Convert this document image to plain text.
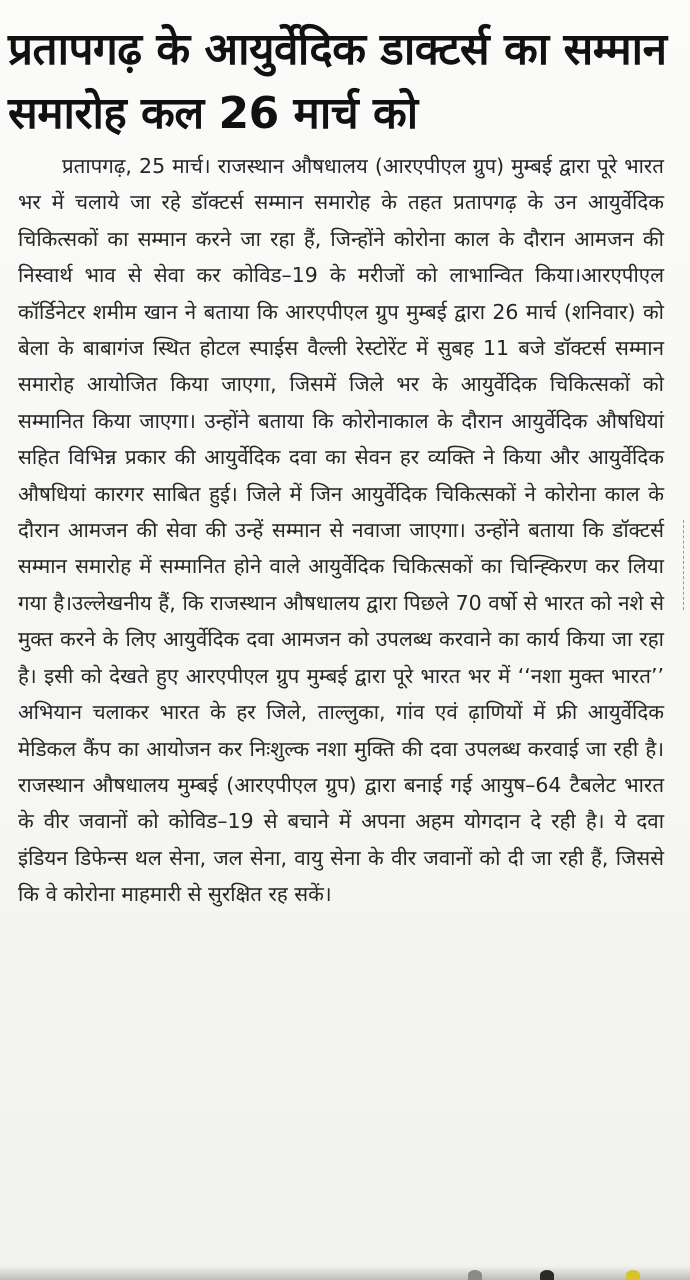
प्रतापगढ़ के आयुर्वेदिक डाक्टर्स का सम्मान समारोह कल 26 मार्च को

प्रतापगढ़, 25 मार्च। राजस्थान औषधालय (आरएपीएल ग्रुप) मुम्बई द्वारा पूरे भारत भर में चलाये जा रहे डॉक्टर्स सम्मान समारोह के तहत प्रतापगढ़ के उन आयुर्वेदिक चिकित्सकों का सम्मान करने जा रहा हैं, जिन्होंने कोरोना काल के दौरान आमजन की निस्वार्थ भाव से सेवा कर कोविड–19 के मरीजों को लाभान्वित किया।आरएपीएल कॉर्डिनेटर शमीम खान ने बताया कि आरएपीएल ग्रुप मुम्बई द्वारा 26 मार्च (शनिवार) को बेला के बाबागंज स्थित होटल स्पाईस वैल्ली रेस्टोरेंट में सुबह 11 बजे डॉक्टर्स सम्मान समारोह आयोजित किया जाएगा, जिसमें जिले भर के आयुर्वेदिक चिकित्सकों को सम्मानित किया जाएगा। उन्होंने बताया कि कोरोनाकाल के दौरान आयुर्वेदिक औषधियां सहित विभिन्न प्रकार की आयुर्वेदिक दवा का सेवन हर व्यक्ति ने किया और आयुर्वेदिक औषधियां कारगर साबित हुई। जिले में जिन आयुर्वेदिक चिकित्सकों ने कोरोना काल के दौरान आमजन की सेवा की उन्हें सम्मान से नवाजा जाएगा। उन्होंने बताया कि डॉक्टर्स सम्मान समारोह में सम्मानित होने वाले आयुर्वेदिक चिकित्सकों का चिन्ह्किरण कर लिया गया है।उल्लेखनीय हैं, कि राजस्थान औषधालय द्वारा पिछले 70 वर्षो से भारत को नशे से मुक्त करने के लिए आयुर्वेदिक दवा आमजन को उपलब्ध करवाने का कार्य किया जा रहा है। इसी को देखते हुए आरएपीएल ग्रुप मुम्बई द्वारा पूरे भारत भर में ‘‘नशा मुक्त भारत’’ अभियान चलाकर भारत के हर जिले, ताल्लुका, गांव एवं ढ़ाणियों में फ्री आयुर्वेदिक मेडिकल कैंप का आयोजन कर निःशुल्क नशा मुक्ति की दवा उपलब्ध करवाई जा रही है। राजस्थान औषधालय मुम्बई (आरएपीएल ग्रुप) द्वारा बनाई गई आयुष–64 टैबलेट भारत के वीर जवानों को कोविड–19 से बचाने में अपना अहम योगदान दे रही है। ये दवा इंडियन डिफेन्स थल सेना, जल सेना, वायु सेना के वीर जवानों को दी जा रही हैं, जिससे कि वे कोरोना माहमारी से सुरक्षित रह सकें।
